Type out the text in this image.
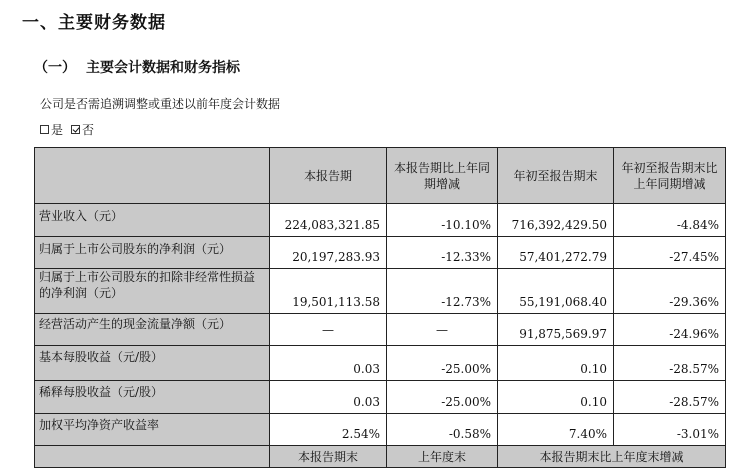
一、主要财务数据
（一） 主要会计数据和财务指标
公司是否需追溯调整或重述以前年度会计数据
是 否
	本报告期	本报告期比上年同期增减	年初至报告期末	年初至报告期末比上年同期增减
营业收入（元）	224,083,321.85	-10.10%	716,392,429.50	-4.84%
归属于上市公司股东的净利润（元）	20,197,283.93	-12.33%	57,401,272.79	-27.45%
归属于上市公司股东的扣除非经常性损益的净利润（元）	19,501,113.58	-12.73%	55,191,068.40	-29.36%
经营活动产生的现金流量净额（元）	—	—	91,875,569.97	-24.96%
基本每股收益（元/股）	0.03	-25.00%	0.10	-28.57%
稀释每股收益（元/股）	0.03	-25.00%	0.10	-28.57%
加权平均净资产收益率	2.54%	-0.58%	7.40%	-3.01%
	本报告期末	上年度末	本报告期末比上年度末增减	
